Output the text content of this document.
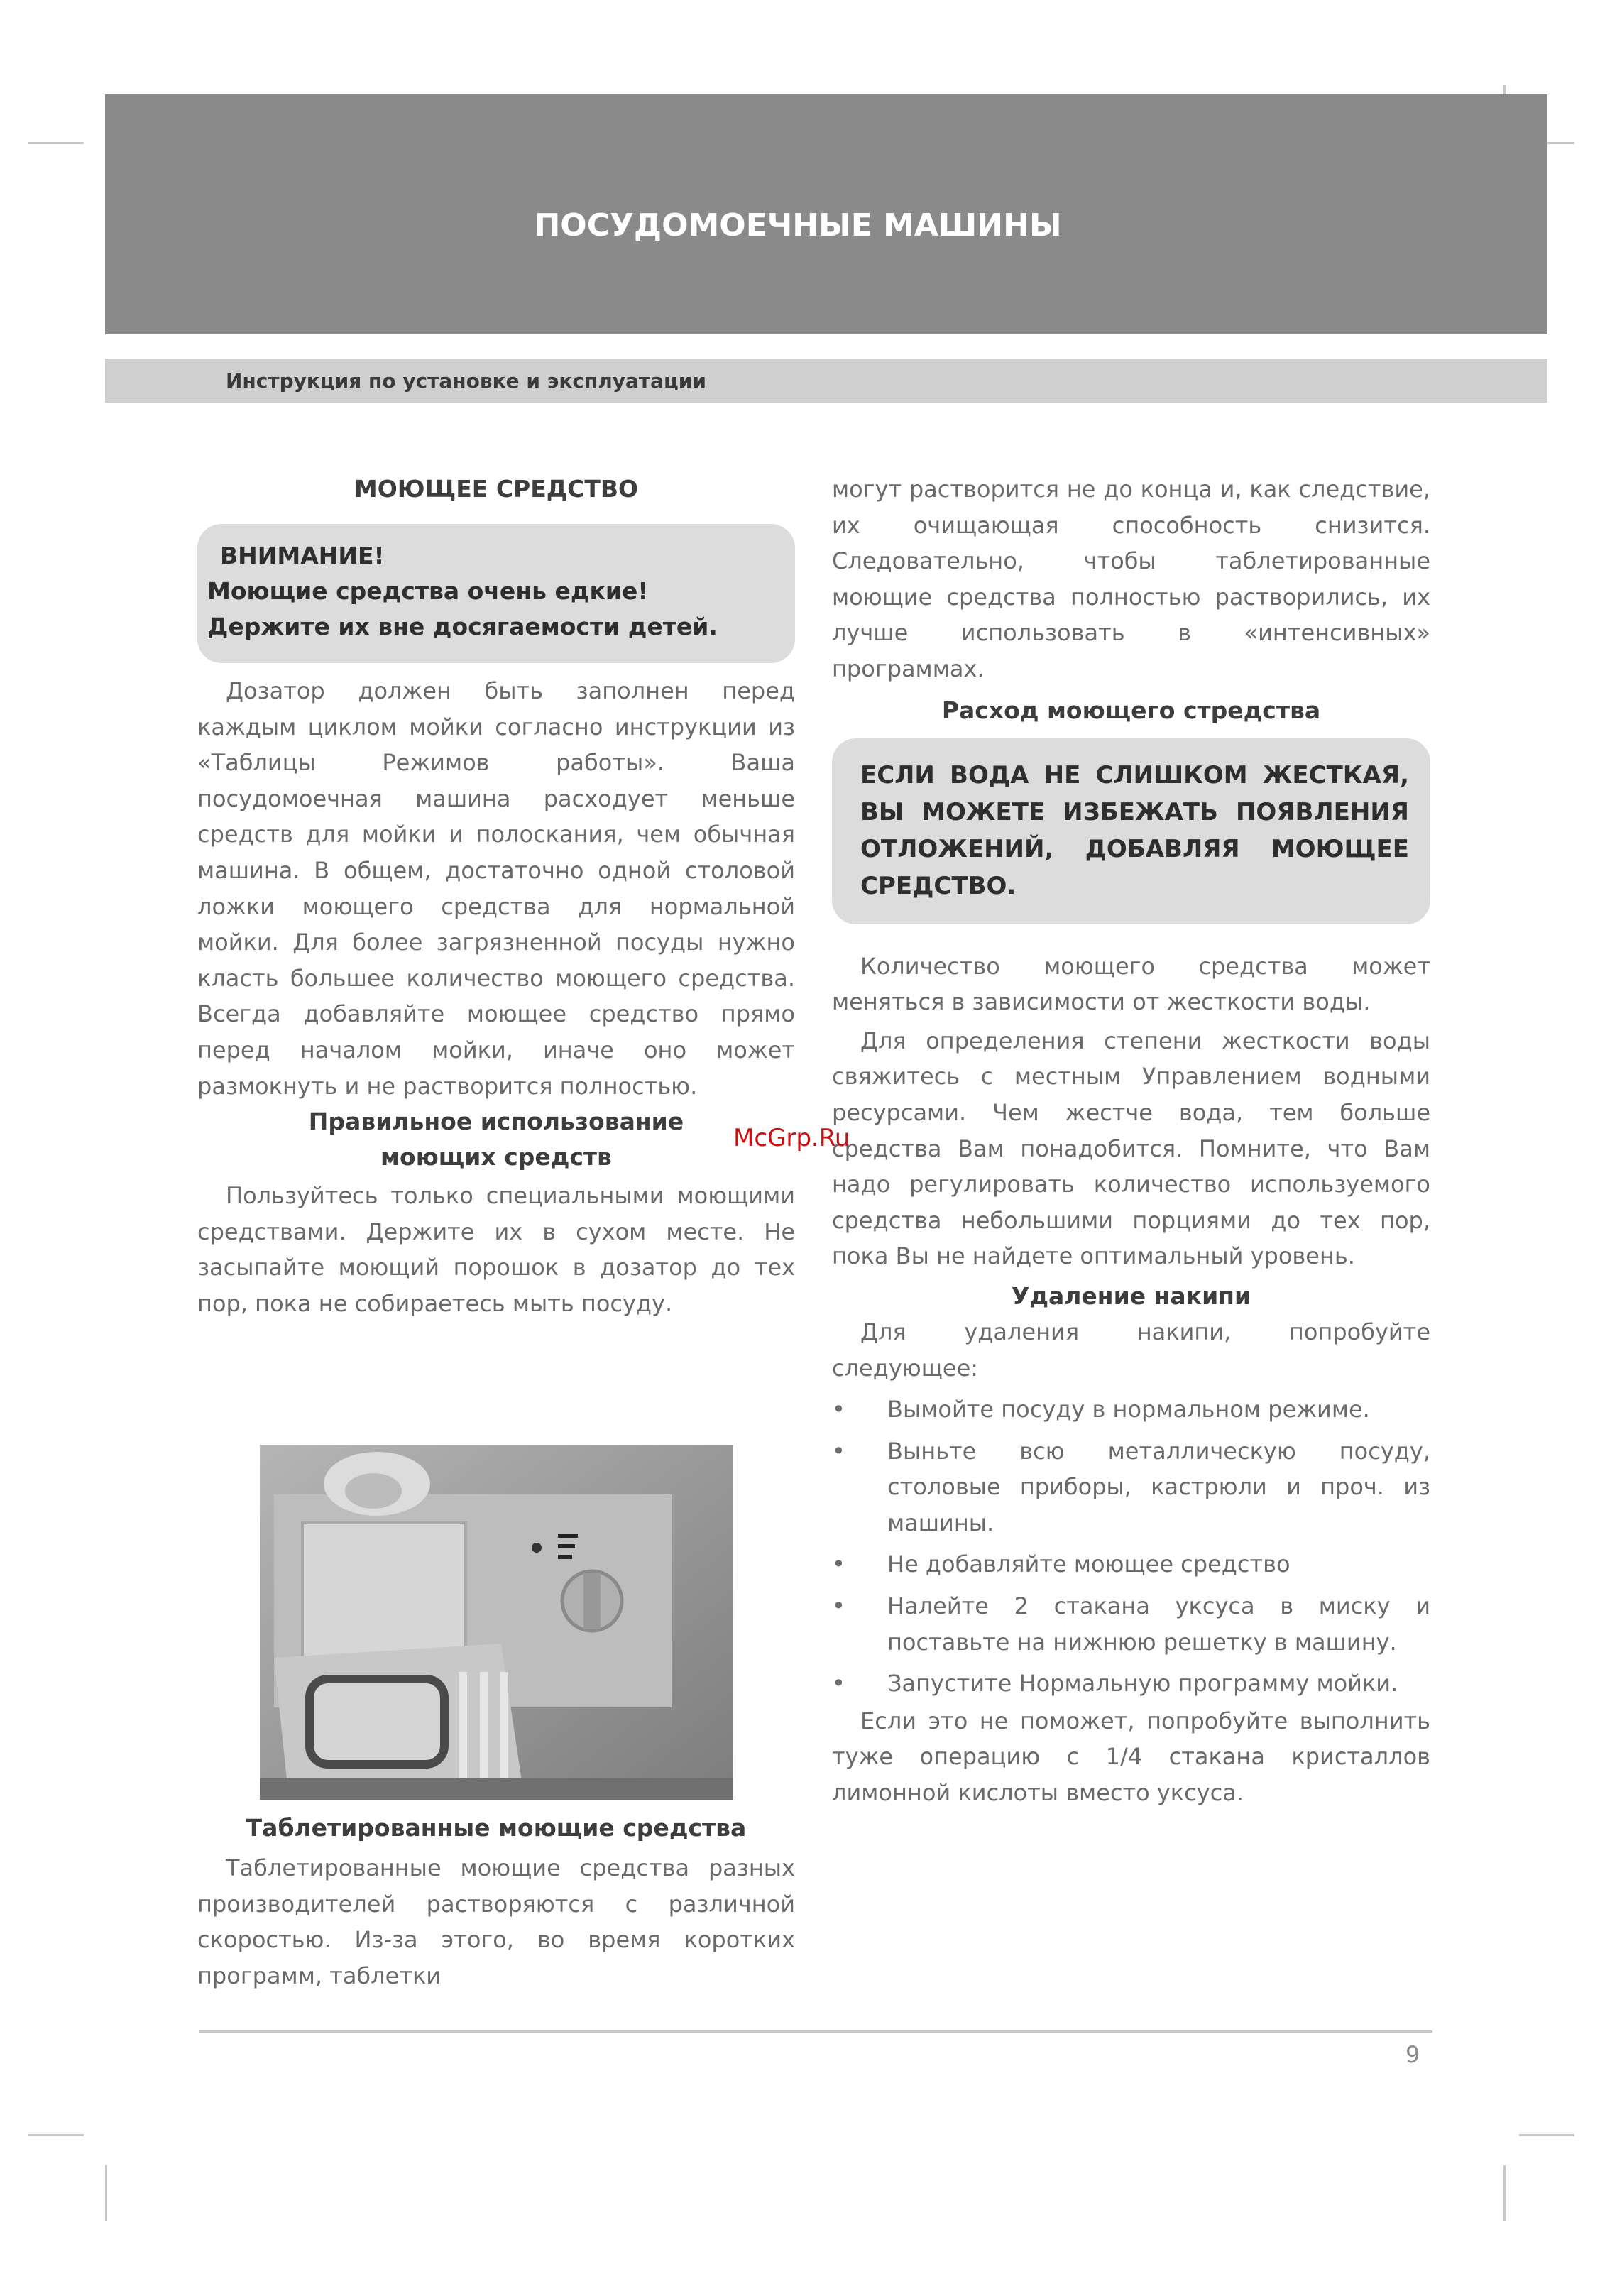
ПОСУДОМОЕЧНЫЕ МАШИНЫ
Инструкция по установке и эксплуатации
МОЮЩЕЕ СРЕДСТВО
ВНИМАНИЕ!
Моющие средства очень едкие!
Держите их вне досягаемости детей.

Дозатор должен быть заполнен перед каждым циклом мойки согласно инструкции из «Таблицы Режимов работы». Ваша посудомоечная машина расходует меньше средств для мойки и полоскания, чем обычная машина. В общем, достаточно одной столовой ложки моющего средства для нормальной мойки. Для более загрязненной посуды нужно класть большее количество моющего средства. Всегда добавляйте моющее средство прямо перед началом мойки, иначе оно может размокнуть и не растворится полностью.

Правильное использование
моющих средств

Пользуйтесь только специальными моющими средствами. Держите их в сухом месте. Не засыпайте моющий порошок в дозатор до тех пор, пока не собираетесь мыть посуду.

Таблетированные моющие средства

Таблетированные моющие средства разных производителей растворяются с различной скоростью. Из-за этого, во время коротких программ, таблетки

могут растворится не до конца и, как следствие, их очищающая способность снизится. Следовательно, чтобы таблетированные моющие средства полностью растворились, их лучше использовать в «интенсивных» программах.

Расход моющего стредства
ЕСЛИ ВОДА НЕ СЛИШКОМ ЖЕСТКАЯ, ВЫ МОЖЕТЕ ИЗБЕЖАТЬ ПОЯВЛЕНИЯ ОТЛОЖЕНИЙ, ДОБАВЛЯЯ МОЮЩЕЕ СРЕДСТВО.

Количество моющего средства может меняться в зависимости от жесткости воды.

Для определения степени жесткости воды свяжитесь с местным Управлением водными ресурсами. Чем жестче вода, тем больше средства Вам понадобится. Помните, что Вам надо регулировать количество используемого средства небольшими порциями до тех пор, пока Вы не найдете оптимальный уровень.

Удаление накипи

Для удаления накипи, попробуйте следующее:

•	Вымойте посуду в нормальном режиме.
•	Выньте всю металлическую посуду, столовые приборы, кастрюли и проч. из машины.
•	Не добавляйте моющее средство
•	Налейте 2 стакана уксуса в миску и поставьте на нижнюю решетку в машину.
•	Запустите Нормальную программу мойки.

Если это не поможет, попробуйте выполнить туже операцию с 1/4 стакана кристаллов лимонной кислоты вместо уксуса.

McGrp.Ru
9
